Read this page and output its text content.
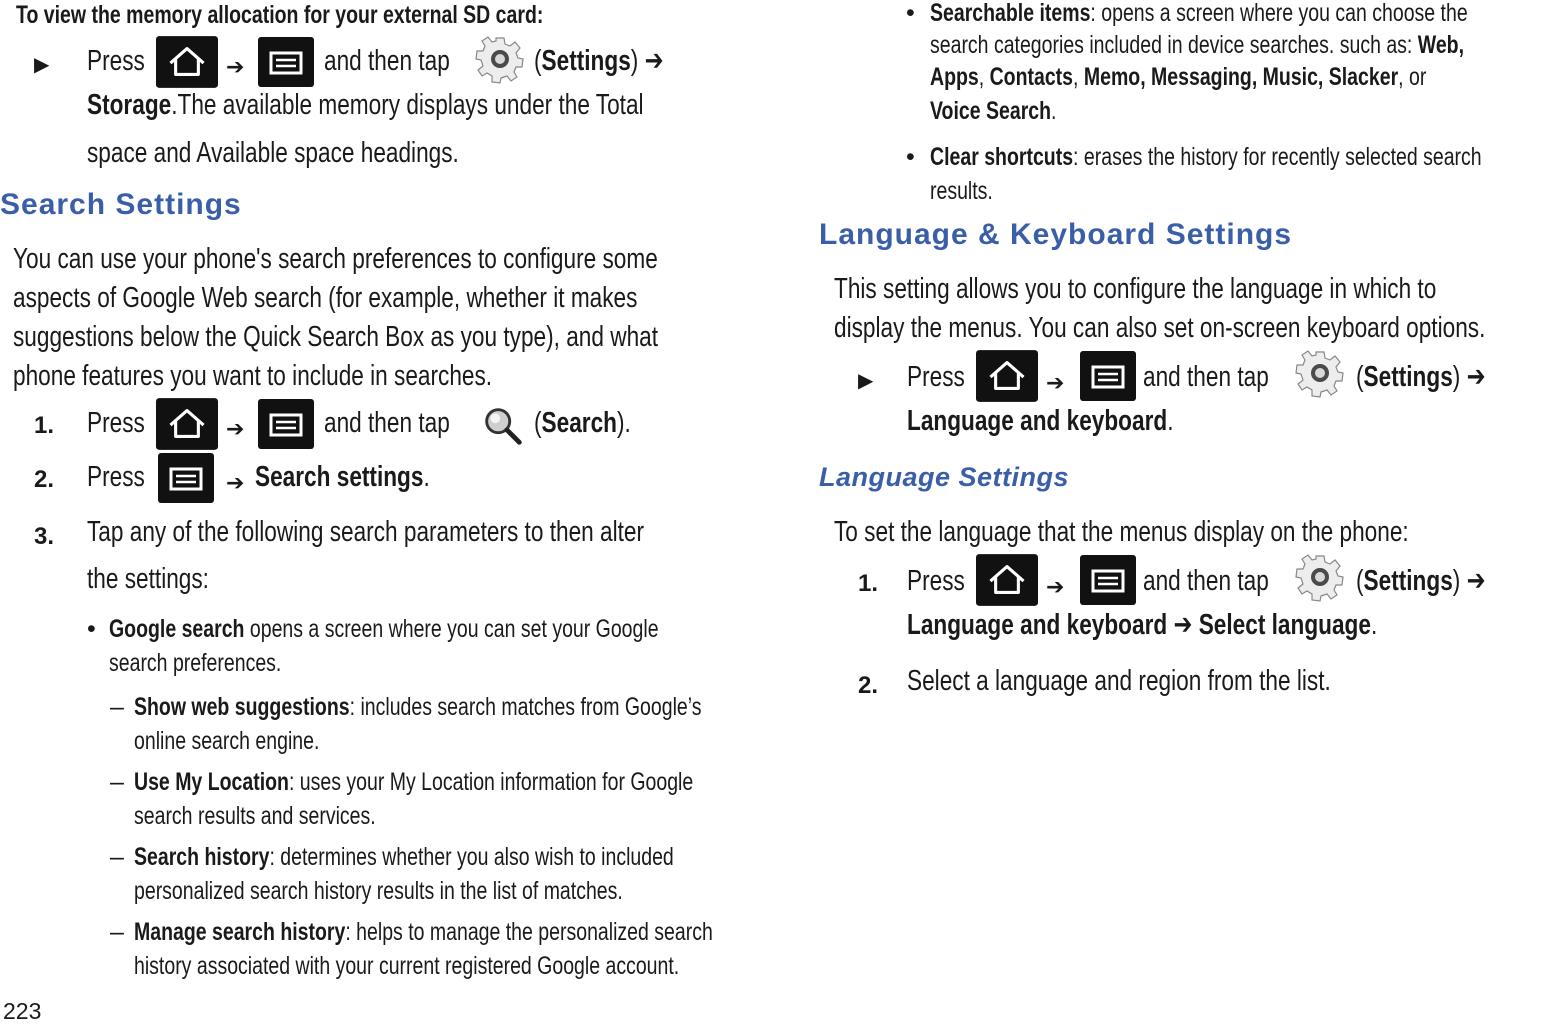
To view the memory allocation for your external SD card:
▶ Press	➔	and then tap	(Settings) ➔
Storage.The available memory displays under the Total
space and Available space headings.
Search Settings
You can use your phone's search preferences to configure some
aspects of Google Web search (for example, whether it makes
suggestions below the Quick Search Box as you type), and what
phone features you want to include in searches.
1. Press	➔	and then tap	(Search).
2. Press	➔ Search settings.
3. Tap any of the following search parameters to then alter
the settings:
• Google search opens a screen where you can set your Google
search preferences.
– Show web suggestions: includes search matches from Google’s
online search engine.
– Use My Location: uses your My Location information for Google
search results and services.
– Search history: determines whether you also wish to included
personalized search history results in the list of matches.
– Manage search history: helps to manage the personalized search
history associated with your current registered Google account.
223
• Searchable items: opens a screen where you can choose the
search categories included in device searches. such as: Web,
Apps, Contacts, Memo, Messaging, Music, Slacker, or
Voice Search.
• Clear shortcuts: erases the history for recently selected search
results.
Language & Keyboard Settings
This setting allows you to configure the language in which to
display the menus. You can also set on-screen keyboard options.
▶ Press	➔	and then tap	(Settings) ➔
Language and keyboard.
Language Settings
To set the language that the menus display on the phone:
1. Press	➔	and then tap	(Settings) ➔
Language and keyboard ➔ Select language.
2. Select a language and region from the list.
